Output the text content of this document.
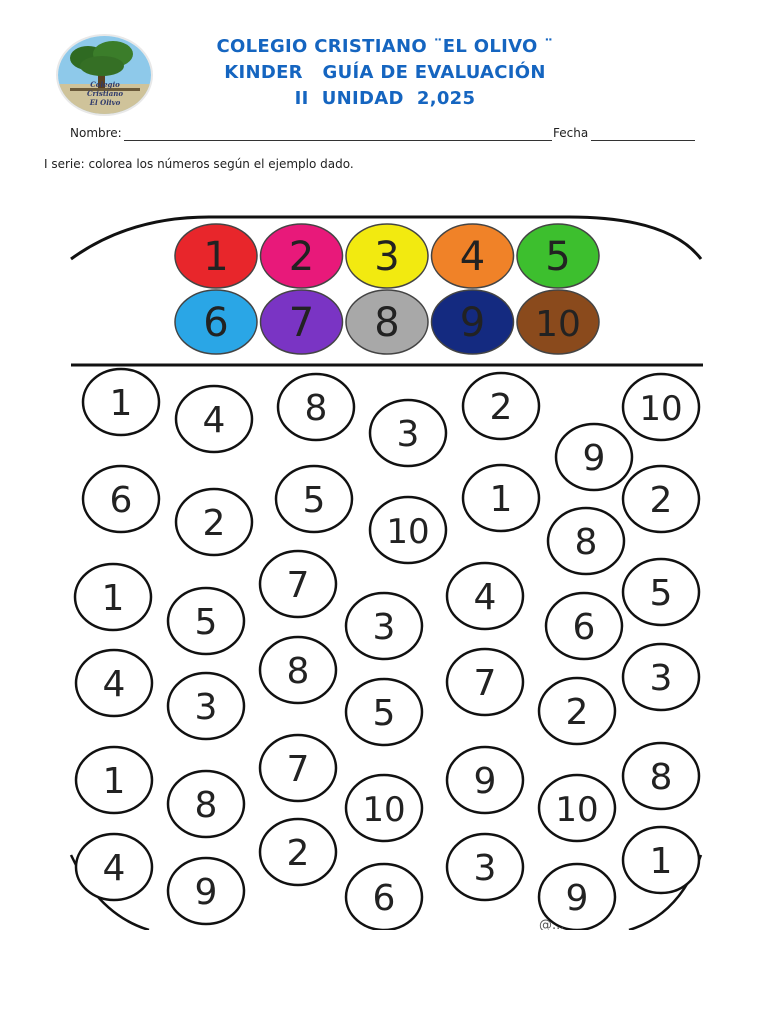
Colegio Cristiano
El Olivo
COLEGIO CRISTIANO ¨EL OLIVO ¨
KINDER   GUÍA DE EVALUACIÓN
II  UNIDAD  2,025
Nombre:	Fecha
I serie: colorea los números según el ejemplo dado.
1 2 3 4 5
6 7 8 9 10
1 4 8
3
2	10
9
6
2
5
10
1	2
8
1
5
7
3
4	5
6
4
3
8
5
7
2
3
1
8
7
10
9
10
8
4
9
2
6
3
9
1
@...
